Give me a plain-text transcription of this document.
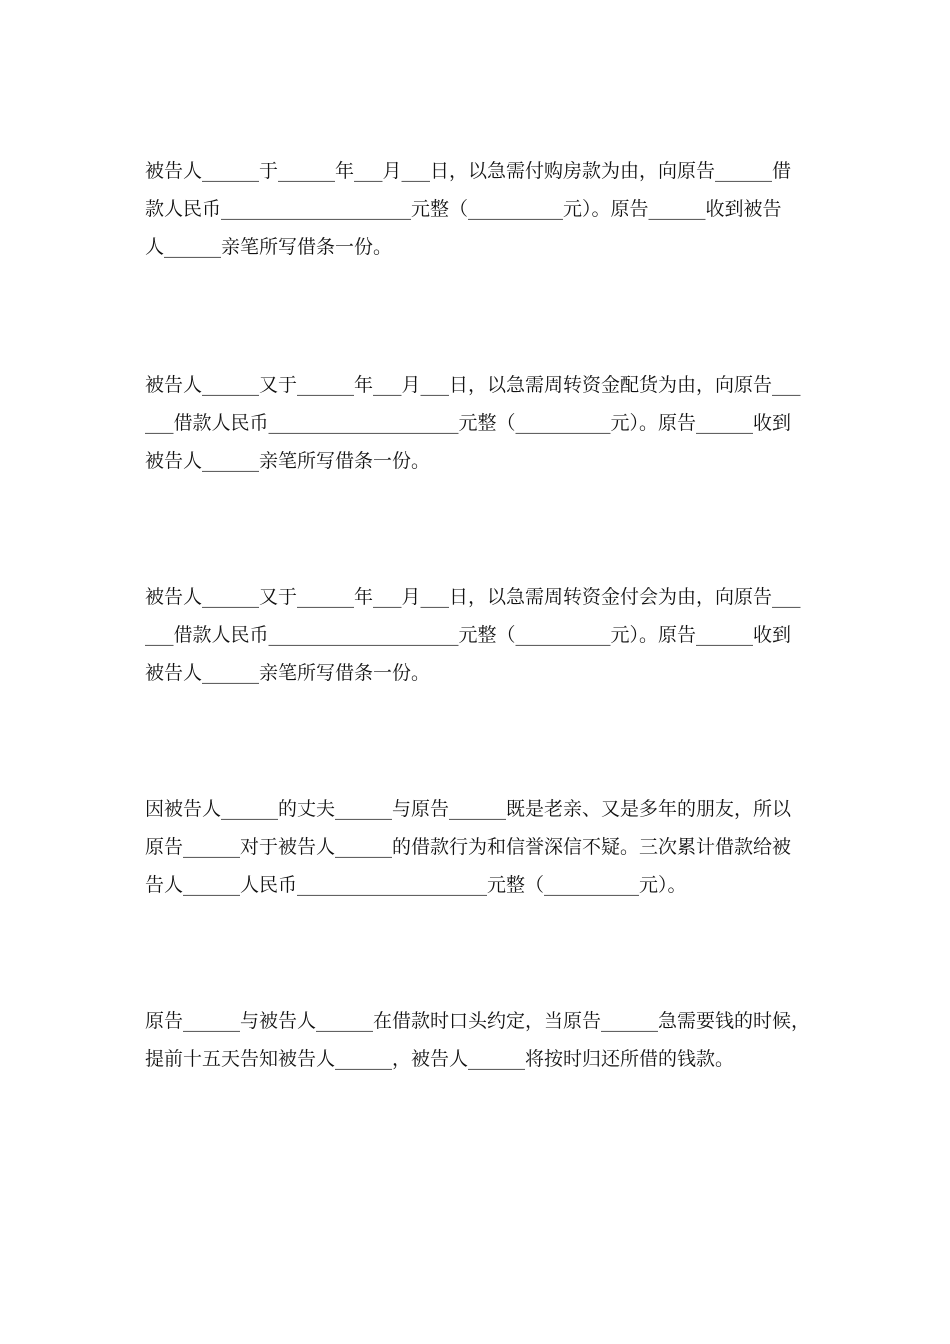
被告人______于______年___月___日，以急需付购房款为由，向原告______借
款人民币____________________元整（__________元）。原告______收到被告
人______亲笔所写借条一份。

被告人______又于______年___月___日，以急需周转资金配货为由，向原告___
___借款人民币____________________元整（__________元）。原告______收到
被告人______亲笔所写借条一份。

被告人______又于______年___月___日，以急需周转资金付会为由，向原告___
___借款人民币____________________元整（__________元）。原告______收到
被告人______亲笔所写借条一份。

因被告人______的丈夫______与原告______既是老亲、又是多年的朋友，所以
原告______对于被告人______的借款行为和信誉深信不疑。三次累计借款给被
告人______人民币____________________元整（__________元）。

原告______与被告人______在借款时口头约定，当原告______急需要钱的时候，
提前十五天告知被告人______，被告人______将按时归还所借的钱款。
